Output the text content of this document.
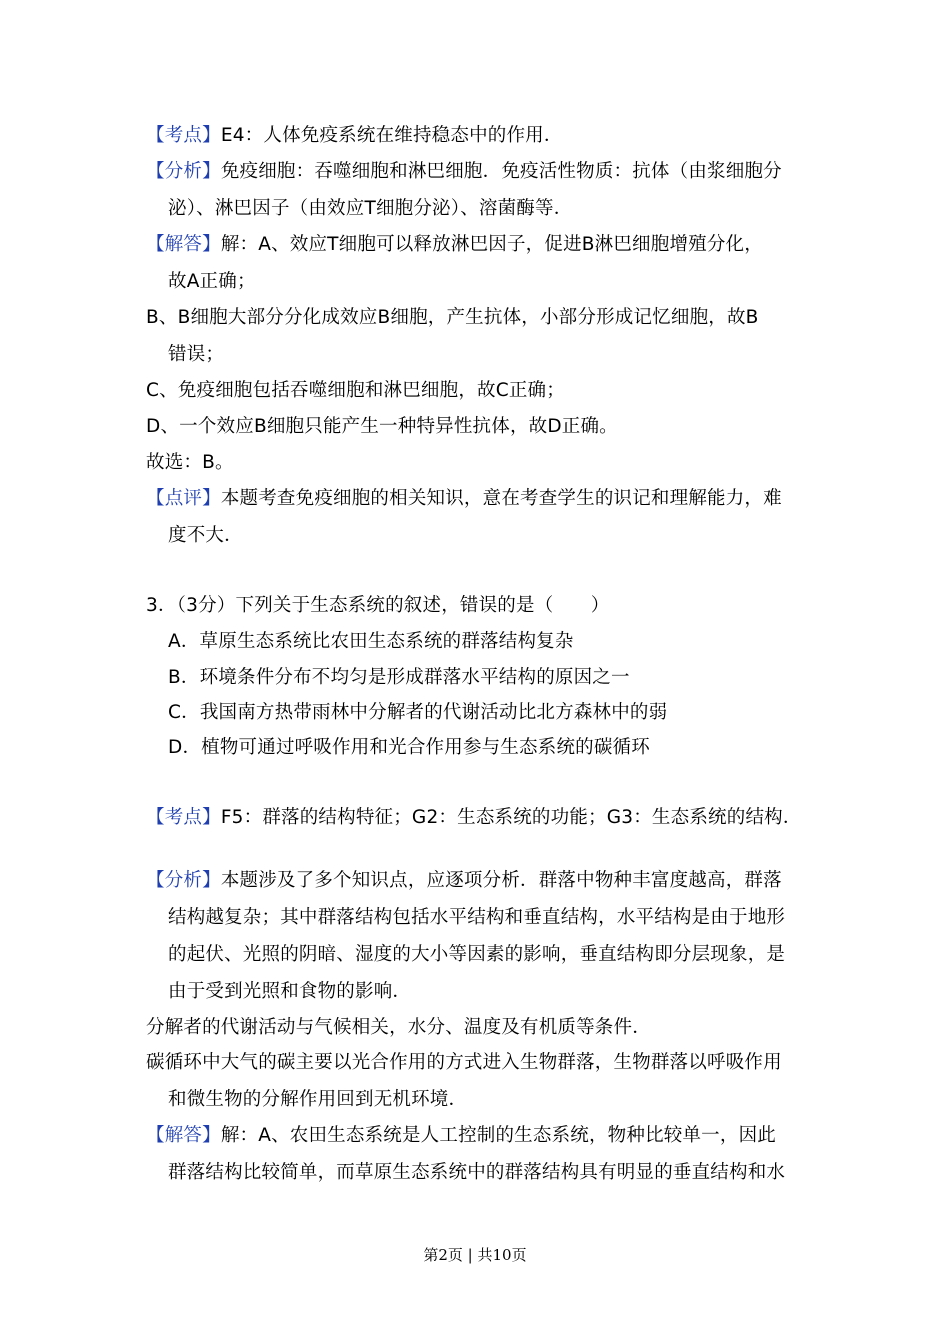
【考点】E4：人体免疫系统在维持稳态中的作用．
【分析】免疫细胞：吞噬细胞和淋巴细胞．免疫活性物质：抗体（由浆细胞分
泌）、淋巴因子（由效应T细胞分泌）、溶菌酶等．
【解答】解：A、效应T细胞可以释放淋巴因子，促进B淋巴细胞增殖分化，
故A正确；
B、B细胞大部分分化成效应B细胞，产生抗体，小部分形成记忆细胞，故B
错误；
C、免疫细胞包括吞噬细胞和淋巴细胞，故C正确；
D、一个效应B细胞只能产生一种特异性抗体，故D正确。
故选：B。
【点评】本题考查免疫细胞的相关知识，意在考查学生的识记和理解能力，难
度不大．
3．（3分）下列关于生态系统的叙述，错误的是（　　）
A．草原生态系统比农田生态系统的群落结构复杂
B．环境条件分布不均匀是形成群落水平结构的原因之一
C．我国南方热带雨林中分解者的代谢活动比北方森林中的弱
D．植物可通过呼吸作用和光合作用参与生态系统的碳循环
【考点】F5：群落的结构特征；G2：生态系统的功能；G3：生态系统的结构．
【分析】本题涉及了多个知识点，应逐项分析．群落中物种丰富度越高，群落
结构越复杂；其中群落结构包括水平结构和垂直结构，水平结构是由于地形
的起伏、光照的阴暗、湿度的大小等因素的影响，垂直结构即分层现象，是
由于受到光照和食物的影响．
分解者的代谢活动与气候相关，水分、温度及有机质等条件．
碳循环中大气的碳主要以光合作用的方式进入生物群落，生物群落以呼吸作用
和微生物的分解作用回到无机环境．
【解答】解：A、农田生态系统是人工控制的生态系统，物种比较单一，因此
群落结构比较简单，而草原生态系统中的群落结构具有明显的垂直结构和水
第2页 | 共10页
